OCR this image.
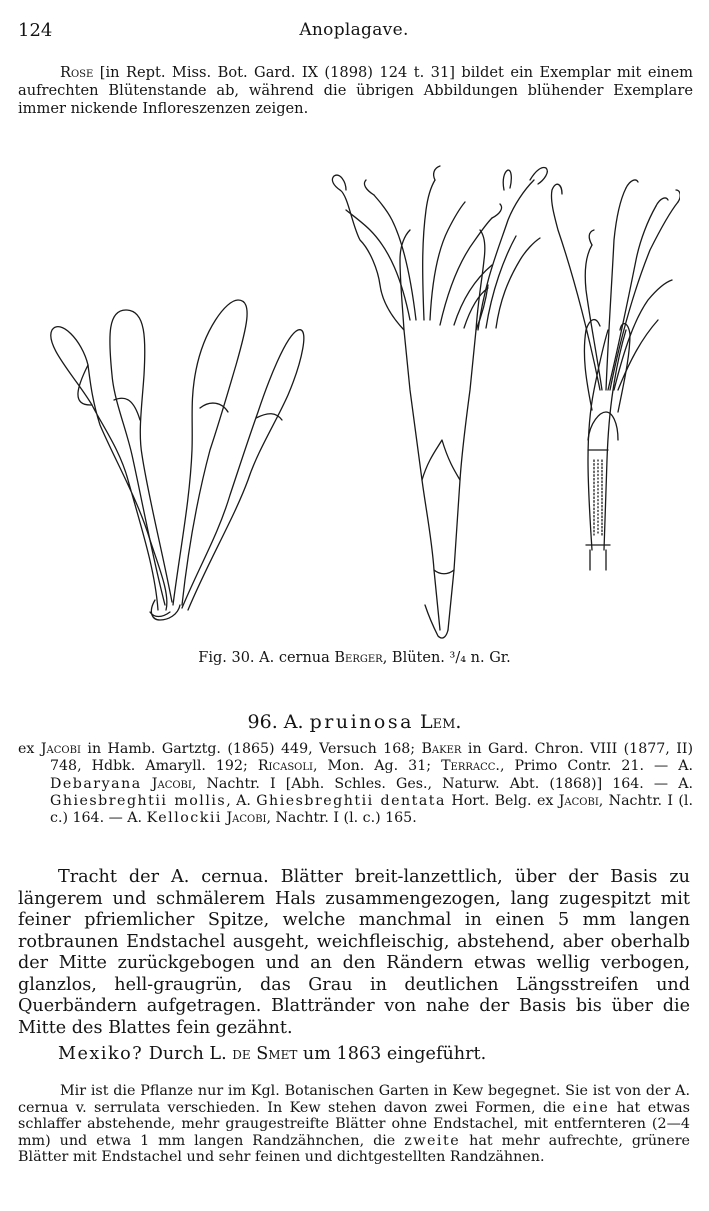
124	Anoplagave.
Rose [in Rept. Miss. Bot. Gard. IX (1898) 124 t. 31] bildet ein Exemplar mit einem aufrechten Blütenstande ab, während die übrigen Abbildungen blühender Exemplare immer nickende Infloreszenzen zeigen.
Fig. 30. A. cernua Berger, Blüten. ³/₄ n. Gr.
96. A. pruinosa Lem.

ex Jacobi in Hamb. Gartztg. (1865) 449, Versuch 168; Baker in Gard. Chron. VIII (1877, II) 748, Hdbk. Amaryll. 192; Ricasoli, Mon. Ag. 31; Terracc., Primo Contr. 21. — A. Debaryana Jacobi, Nachtr. I [Abh. Schles. Ges., Naturw. Abt. (1868)] 164. — A. Ghiesbreghtii mollis, A. Ghiesbreghtii dentata Hort. Belg. ex Jacobi, Nachtr. I (l. c.) 164. — A. Kellockii Jacobi, Nachtr. I (l. c.) 165.

Tracht der A. cernua. Blätter breit-lanzettlich, über der Basis zu längerem und schmälerem Hals zusammengezogen, lang zugespitzt mit feiner pfriemlicher Spitze, welche manchmal in einen 5 mm langen rotbraunen Endstachel ausgeht, weichfleischig, abstehend, aber oberhalb der Mitte zurückgebogen und an den Rändern etwas wellig verbogen, glanzlos, hell-graugrün, das Grau in deutlichen Längsstreifen und Querbändern aufgetragen. Blattränder von nahe der Basis bis über die Mitte des Blattes fein gezähnt.

Mexiko? Durch L. de Smet um 1863 eingeführt.

Mir ist die Pflanze nur im Kgl. Botanischen Garten in Kew begegnet. Sie ist von der A. cernua v. serrulata verschieden. In Kew stehen davon zwei Formen, die eine hat etwas schlaffer abstehende, mehr graugestreifte Blätter ohne Endstachel, mit entfernteren (2—4 mm) und etwa 1 mm langen Randzähnchen, die zweite hat mehr aufrechte, grünere Blätter mit Endstachel und sehr feinen und dichtgestellten Randzähnen.
